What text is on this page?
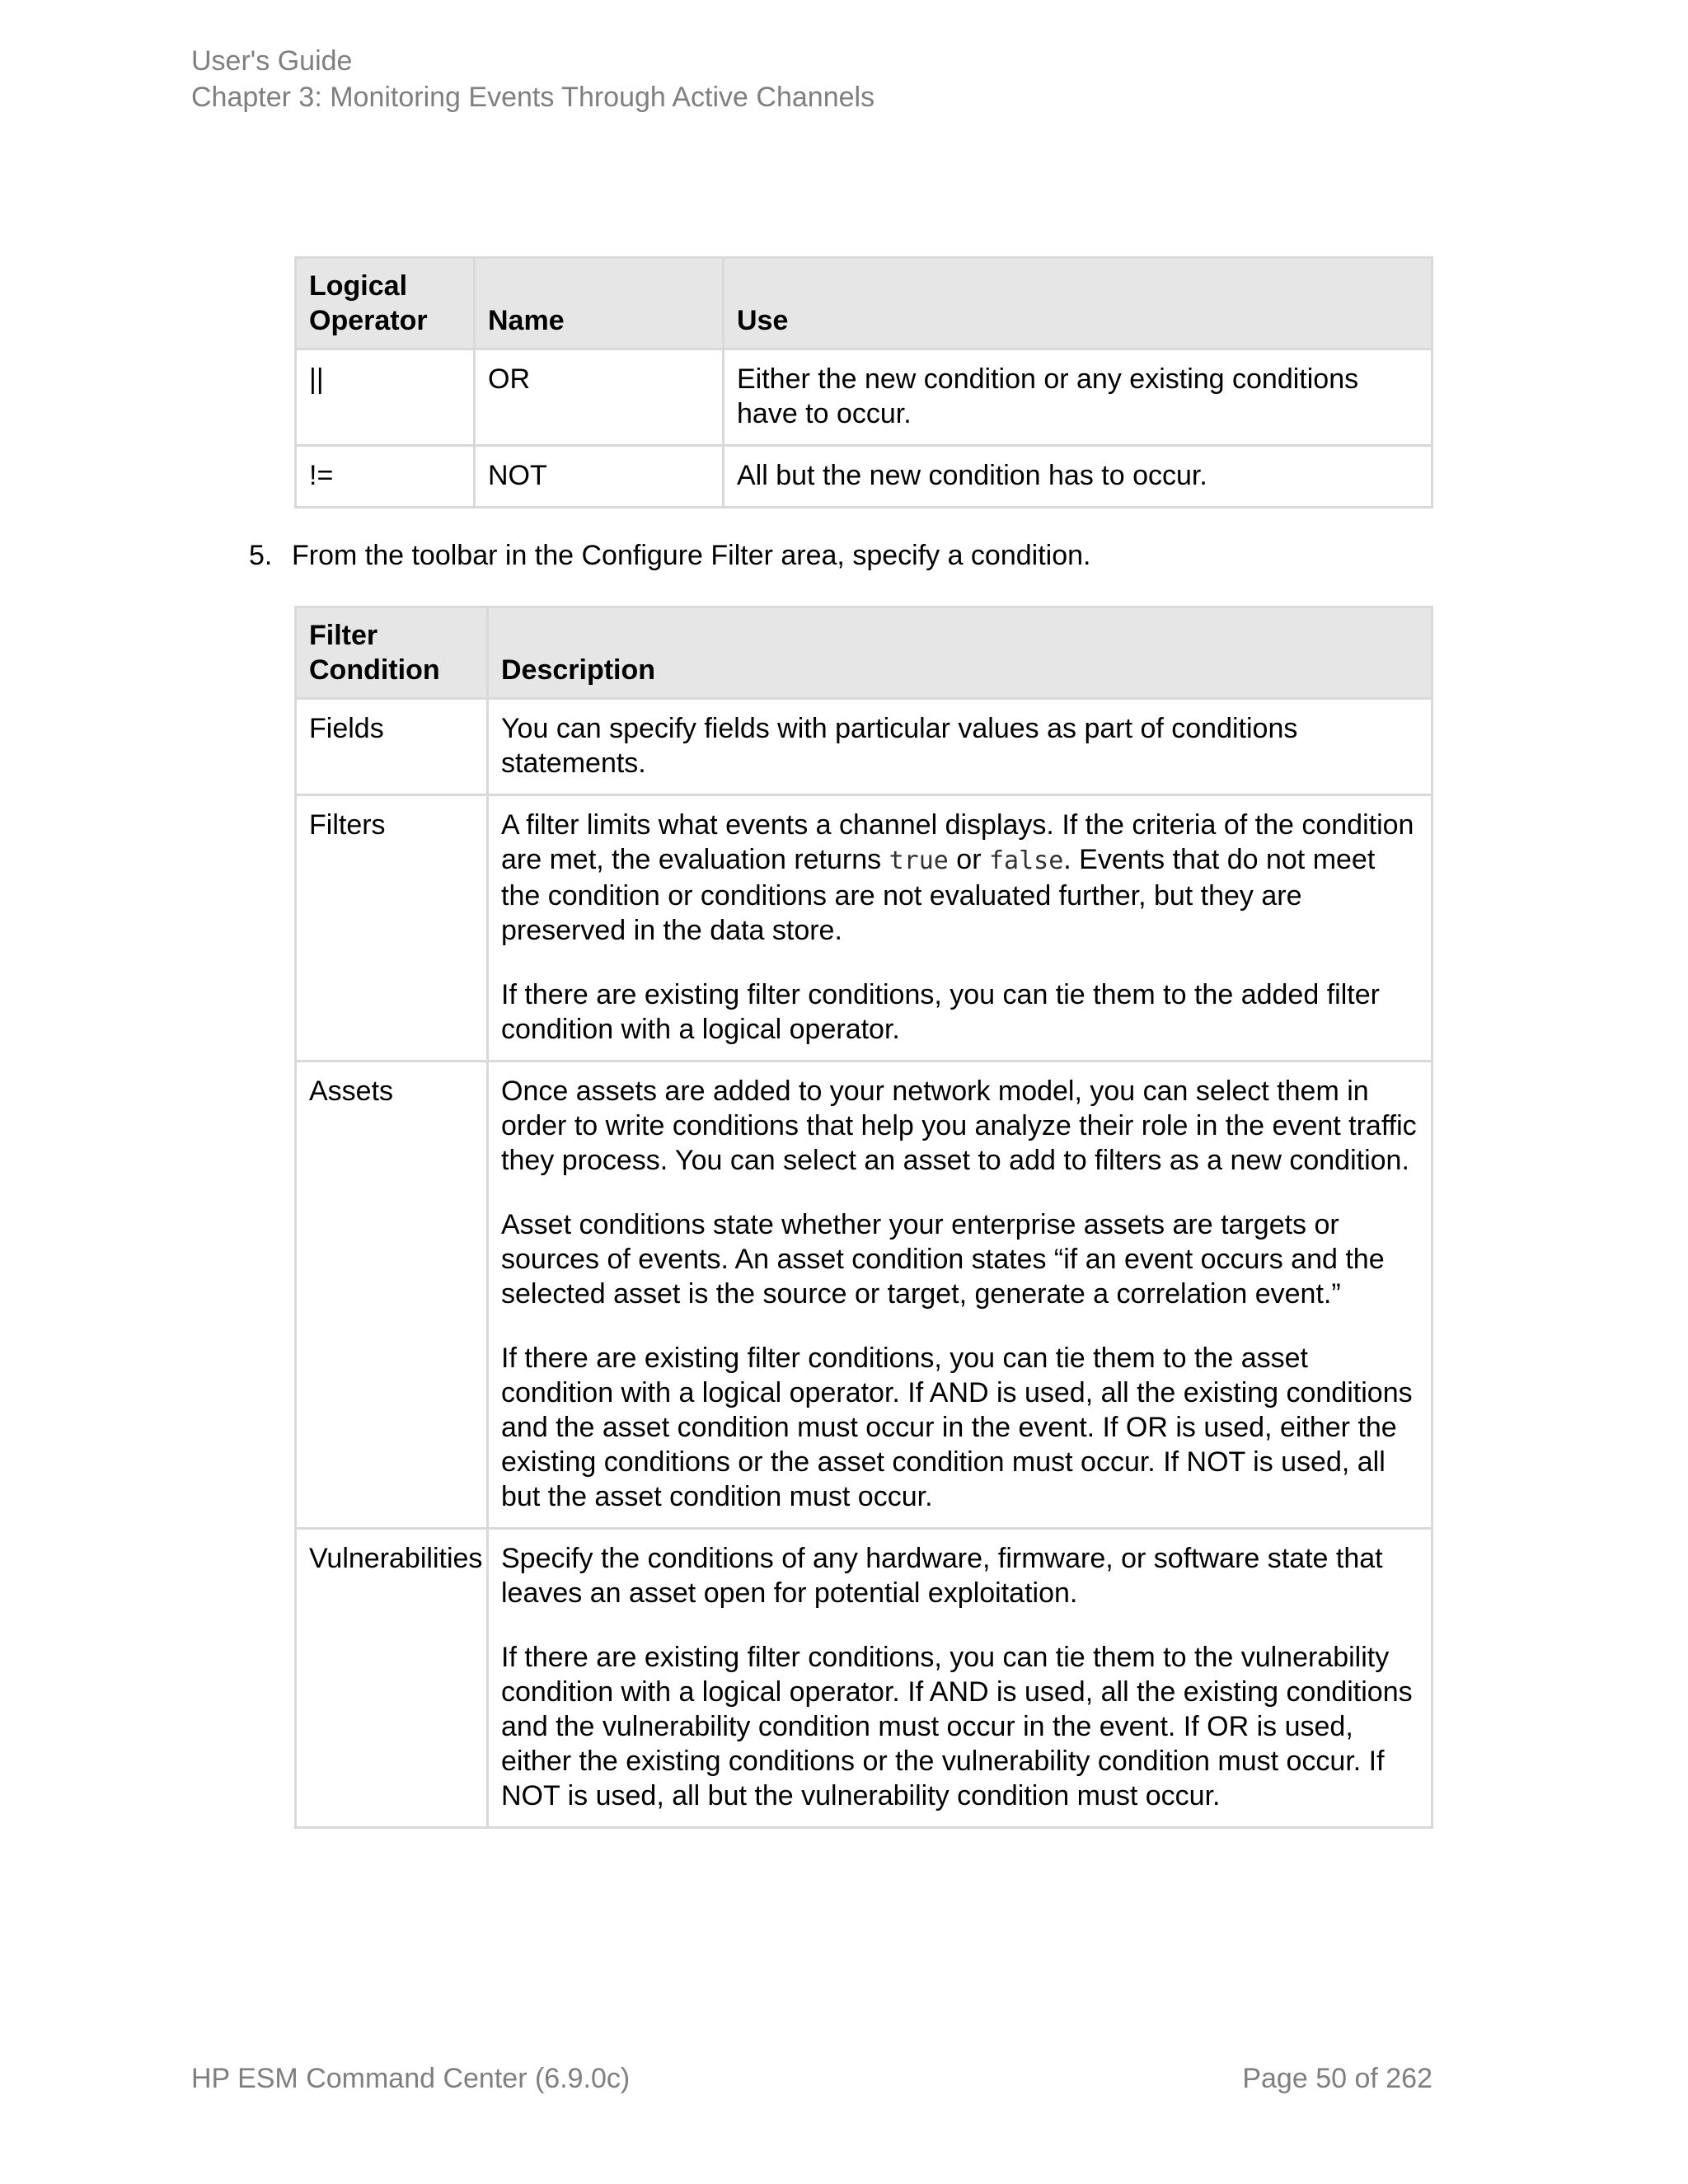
User's Guide
Chapter 3: Monitoring Events Through Active Channels
Logical Operator	Name	Use
||	OR	Either the new condition or any existing conditions have to occur.
!=	NOT	All but the new condition has to occur.
5. From the toolbar in the Configure Filter area, specify a condition.
Filter Condition	Description
Fields	You can specify fields with particular values as part of conditions statements.

Filters	A filter limits what events a channel displays. If the criteria of the condition are met, the evaluation returns true or false. Events that do not meet the condition or conditions are not evaluated further, but they are preserved in the data store.

If there are existing filter conditions, you can tie them to the added filter condition with a logical operator.

Assets	Once assets are added to your network model, you can select them in order to write conditions that help you analyze their role in the event traffic they process. You can select an asset to add to filters as a new condition.

Asset conditions state whether your enterprise assets are targets or sources of events. An asset condition states “if an event occurs and the selected asset is the source or target, generate a correlation event.”

If there are existing filter conditions, you can tie them to the asset condition with a logical operator. If AND is used, all the existing conditions and the asset condition must occur in the event. If OR is used, either the existing conditions or the asset condition must occur. If NOT is used, all but the asset condition must occur.

Vulnerabilities	Specify the conditions of any hardware, firmware, or software state that leaves an asset open for potential exploitation.

If there are existing filter conditions, you can tie them to the vulnerability condition with a logical operator. If AND is used, all the existing conditions and the vulnerability condition must occur in the event. If OR is used, either the existing conditions or the vulnerability condition must occur. If NOT is used, all but the vulnerability condition must occur.

HP ESM Command Center (6.9.0c)	Page 50 of 262
